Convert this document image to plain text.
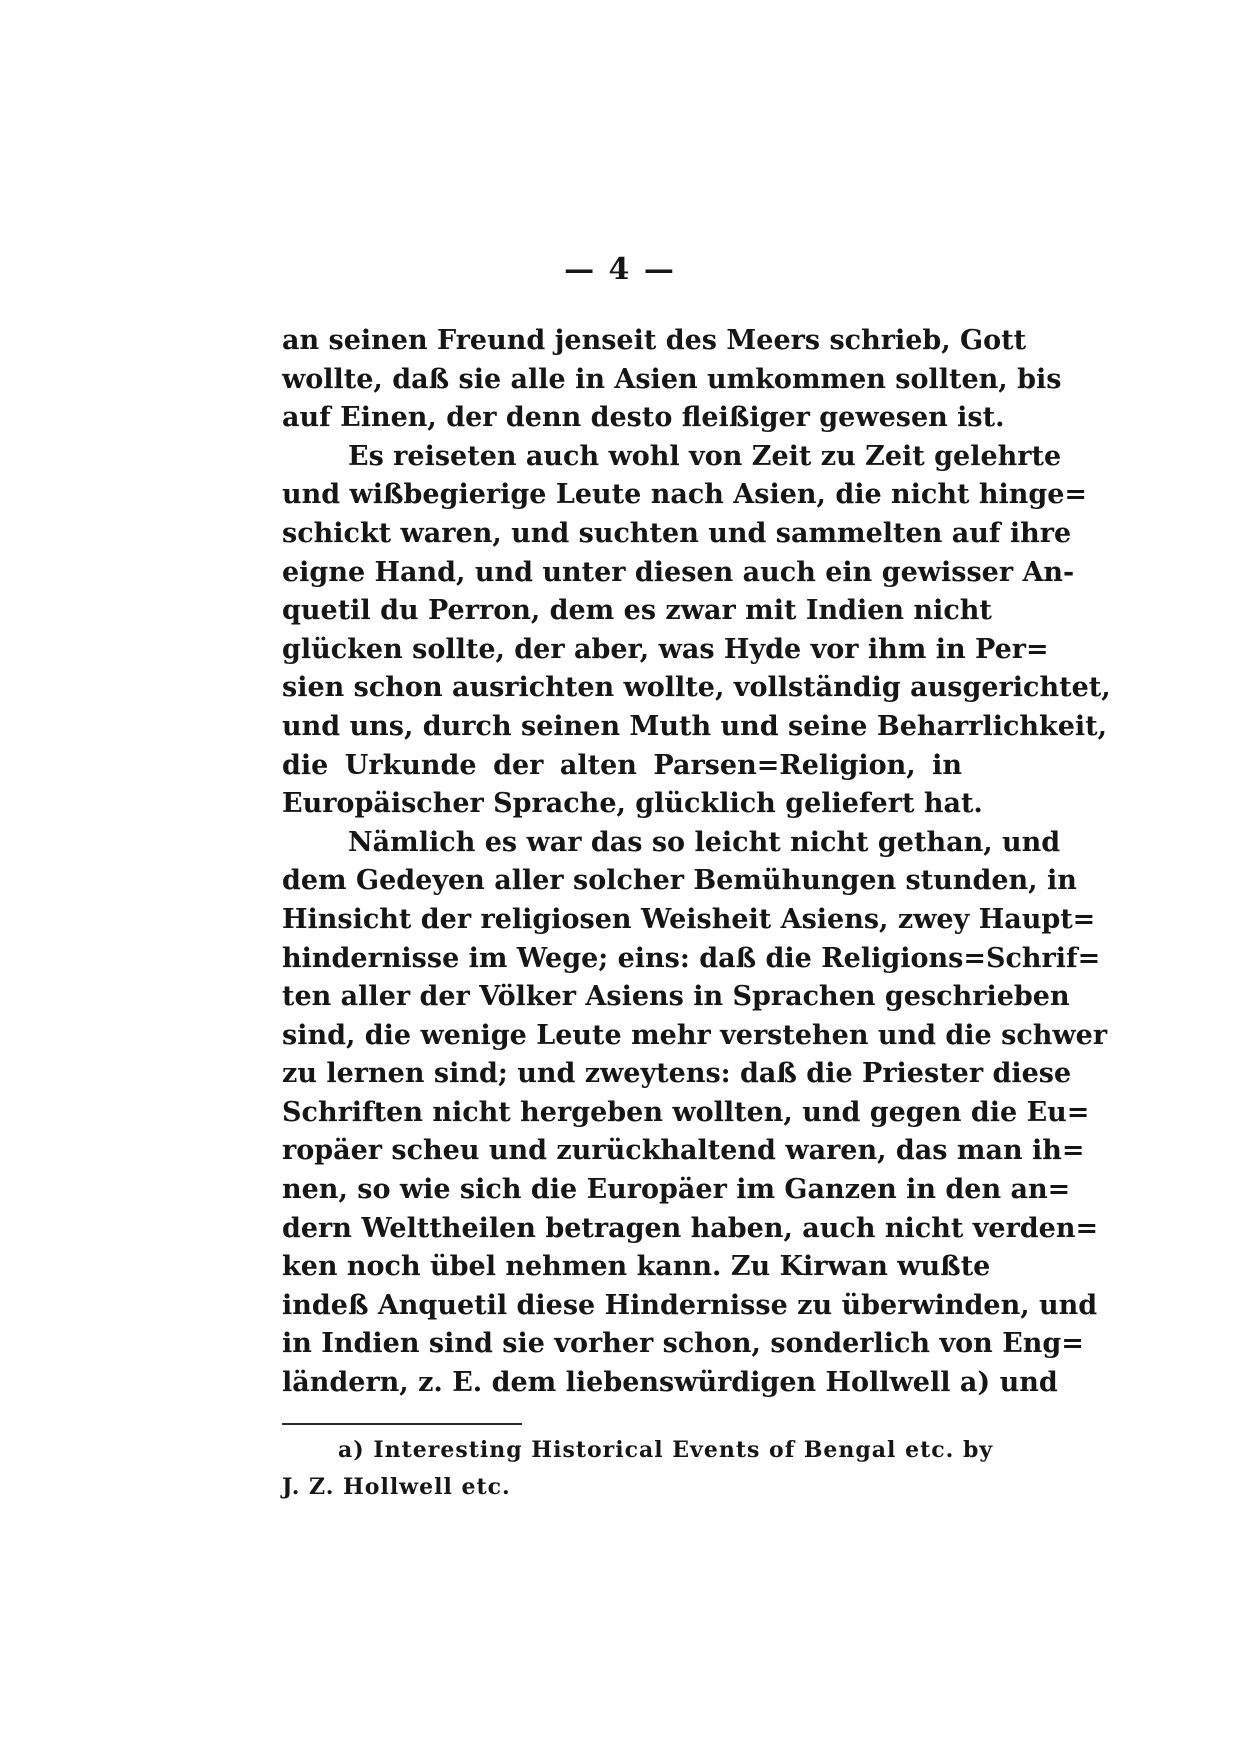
— 4 —
an seinen Freund jenseit des Meers schrieb, Gott
wollte, daß sie alle in Asien umkommen sollten, bis
auf Einen, der denn desto fleißiger gewesen ist.
Es reiseten auch wohl von Zeit zu Zeit gelehrte
und wißbegierige Leute nach Asien, die nicht hinge=
schickt waren, und suchten und sammelten auf ihre
eigne Hand, und unter diesen auch ein gewisser An-
quetil du Perron, dem es zwar mit Indien nicht
glücken sollte, der aber, was Hyde vor ihm in Per=
sien schon ausrichten wollte, vollständig ausgerichtet,
und uns, durch seinen Muth und seine Beharrlichkeit,
die Urkunde der alten Parsen=Religion, in
Europäischer Sprache, glücklich geliefert hat.
Nämlich es war das so leicht nicht gethan, und
dem Gedeyen aller solcher Bemühungen stunden, in
Hinsicht der religiosen Weisheit Asiens, zwey Haupt=
hindernisse im Wege; eins: daß die Religions=Schrif=
ten aller der Völker Asiens in Sprachen geschrieben
sind, die wenige Leute mehr verstehen und die schwer
zu lernen sind; und zweytens: daß die Priester diese
Schriften nicht hergeben wollten, und gegen die Eu=
ropäer scheu und zurückhaltend waren, das man ih=
nen, so wie sich die Europäer im Ganzen in den an=
dern Welttheilen betragen haben, auch nicht verden=
ken noch übel nehmen kann. Zu Kirwan wußte
indeß Anquetil diese Hindernisse zu überwinden, und
in Indien sind sie vorher schon, sonderlich von Eng=
ländern, z. E. dem liebenswürdigen Hollwell a) und
a) Interesting Historical Events of Bengal etc. by
J. Z. Hollwell etc.
